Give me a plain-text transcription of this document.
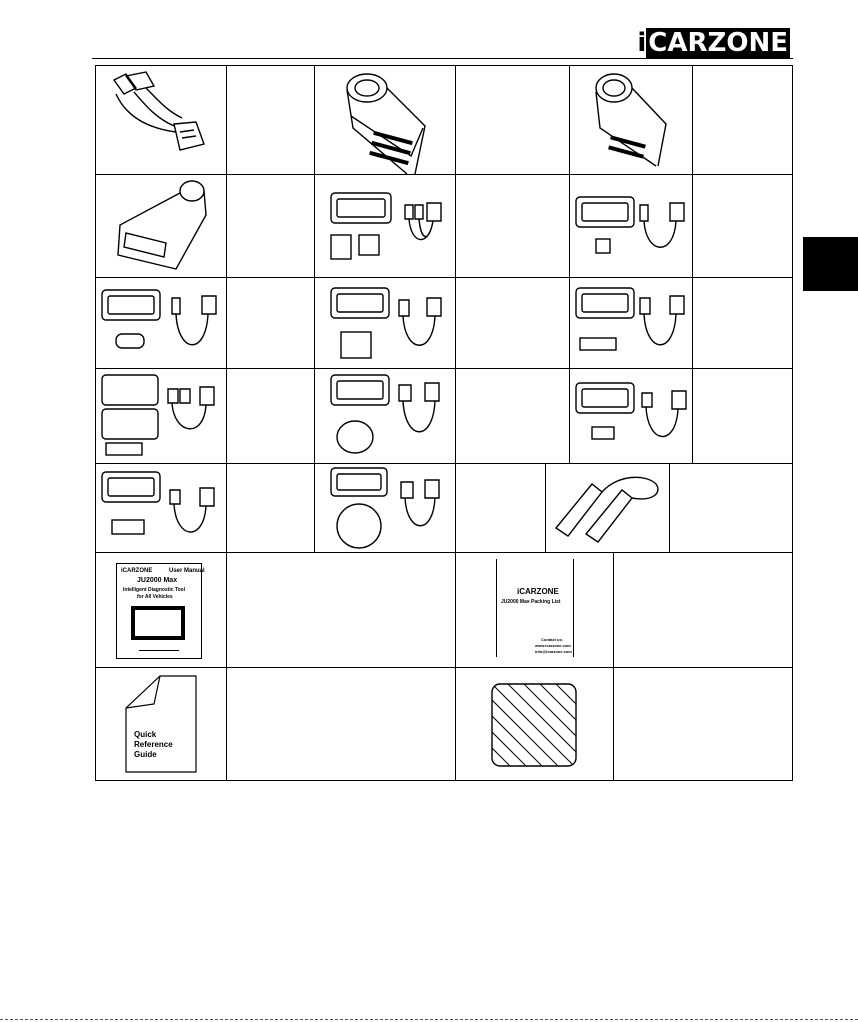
iCARZONE
iCARZONE	User Manual
JU2000 Max
Intelligent Diagnostic Tool
for All Vehicles
iCARZONE
JU2000 Max Packing List
Contact us:
www.icarzone.com
info@icarzone.com
Quick
Reference
Guide
